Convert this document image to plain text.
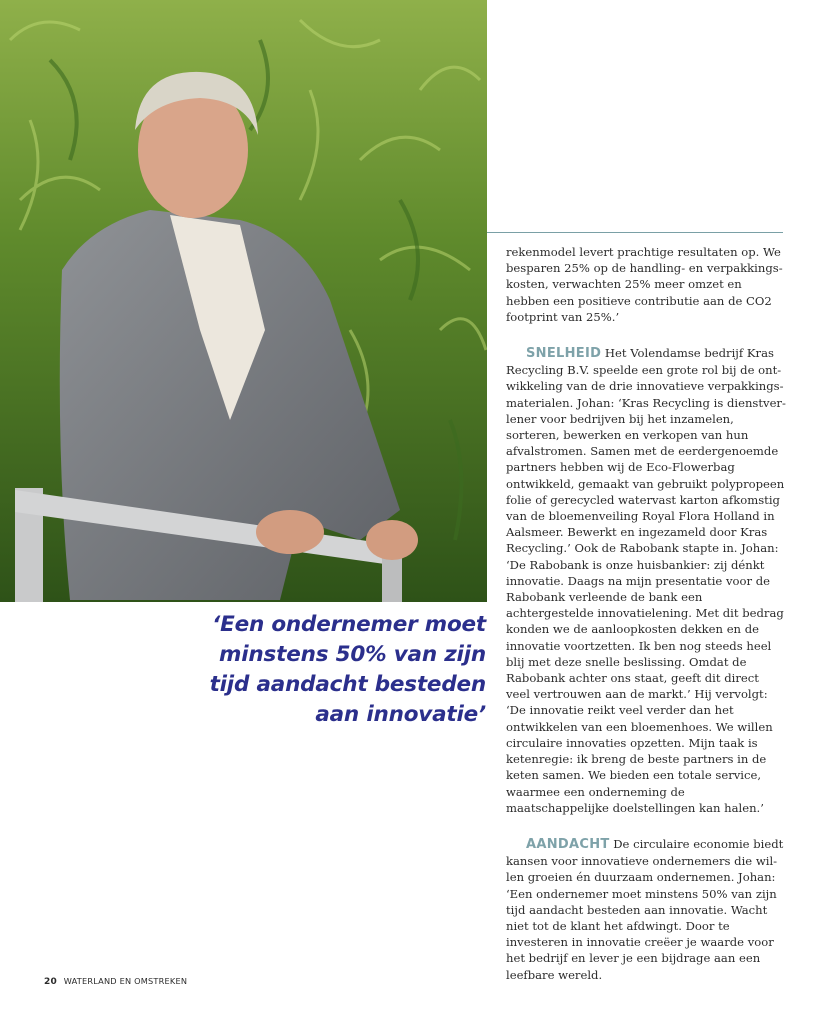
‘Een ondernemer moet
minstens 50% van zijn
tijd aandacht besteden
aan innovatie’

rekenmodel levert prachtige resultaten op. We besparen 25% op de handling- en verpakkingskosten, verwachten 25% meer omzet en hebben een positieve contributie aan de CO2 footprint van 25%.’

SNELHEID Het Volendamse bedrijf Kras Recycling B.V. speelde een grote rol bij de ontwikkeling van de drie innovatieve verpakkingsmaterialen. Johan: ‘Kras Recycling is dienstverlener voor bedrijven bij het inzamelen, sorteren, bewerken en verkopen van hun afvalstromen. Samen met de eerdergenoemde partners hebben wij de Eco-Flowerbag ontwikkeld, gemaakt van gebruikt polypropeen folie of gerecycled watervast karton afkomstig van de bloemenveiling Royal Flora Holland in Aalsmeer. Bewerkt en ingezameld door Kras Recycling.’ Ook de Rabobank stapte in. Johan: ‘De Rabobank is onze huisbankier: zij dénkt innovatie. Daags na mijn presentatie voor de Rabobank verleende de bank een achtergestelde innovatielening. Met dit bedrag konden we de aanloopkosten dekken en de innovatie voortzetten. Ik ben nog steeds heel blij met deze snelle beslissing. Omdat de Rabobank achter ons staat, geeft dit direct veel vertrouwen aan de markt.’ Hij vervolgt: ‘De innovatie reikt veel verder dan het ontwikkelen van een bloemenhoes. We willen circulaire innovaties opzetten. Mijn taak is ketenregie: ik breng de beste partners in de keten samen. We bieden een totale service, waarmee een onderneming de maatschappelijke doelstellingen kan halen.’

AANDACHT De circulaire economie biedt kansen voor innovatieve ondernemers die willen groeien én duurzaam ondernemen. Johan: ‘Een ondernemer moet minstens 50% van zijn tijd aandacht besteden aan innovatie. Wacht niet tot de klant het afdwingt. Door te investeren in innovatie creëer je waarde voor het bedrijf en lever je een bijdrage aan een leefbare wereld.

20 WATERLAND EN OMSTREKEN
